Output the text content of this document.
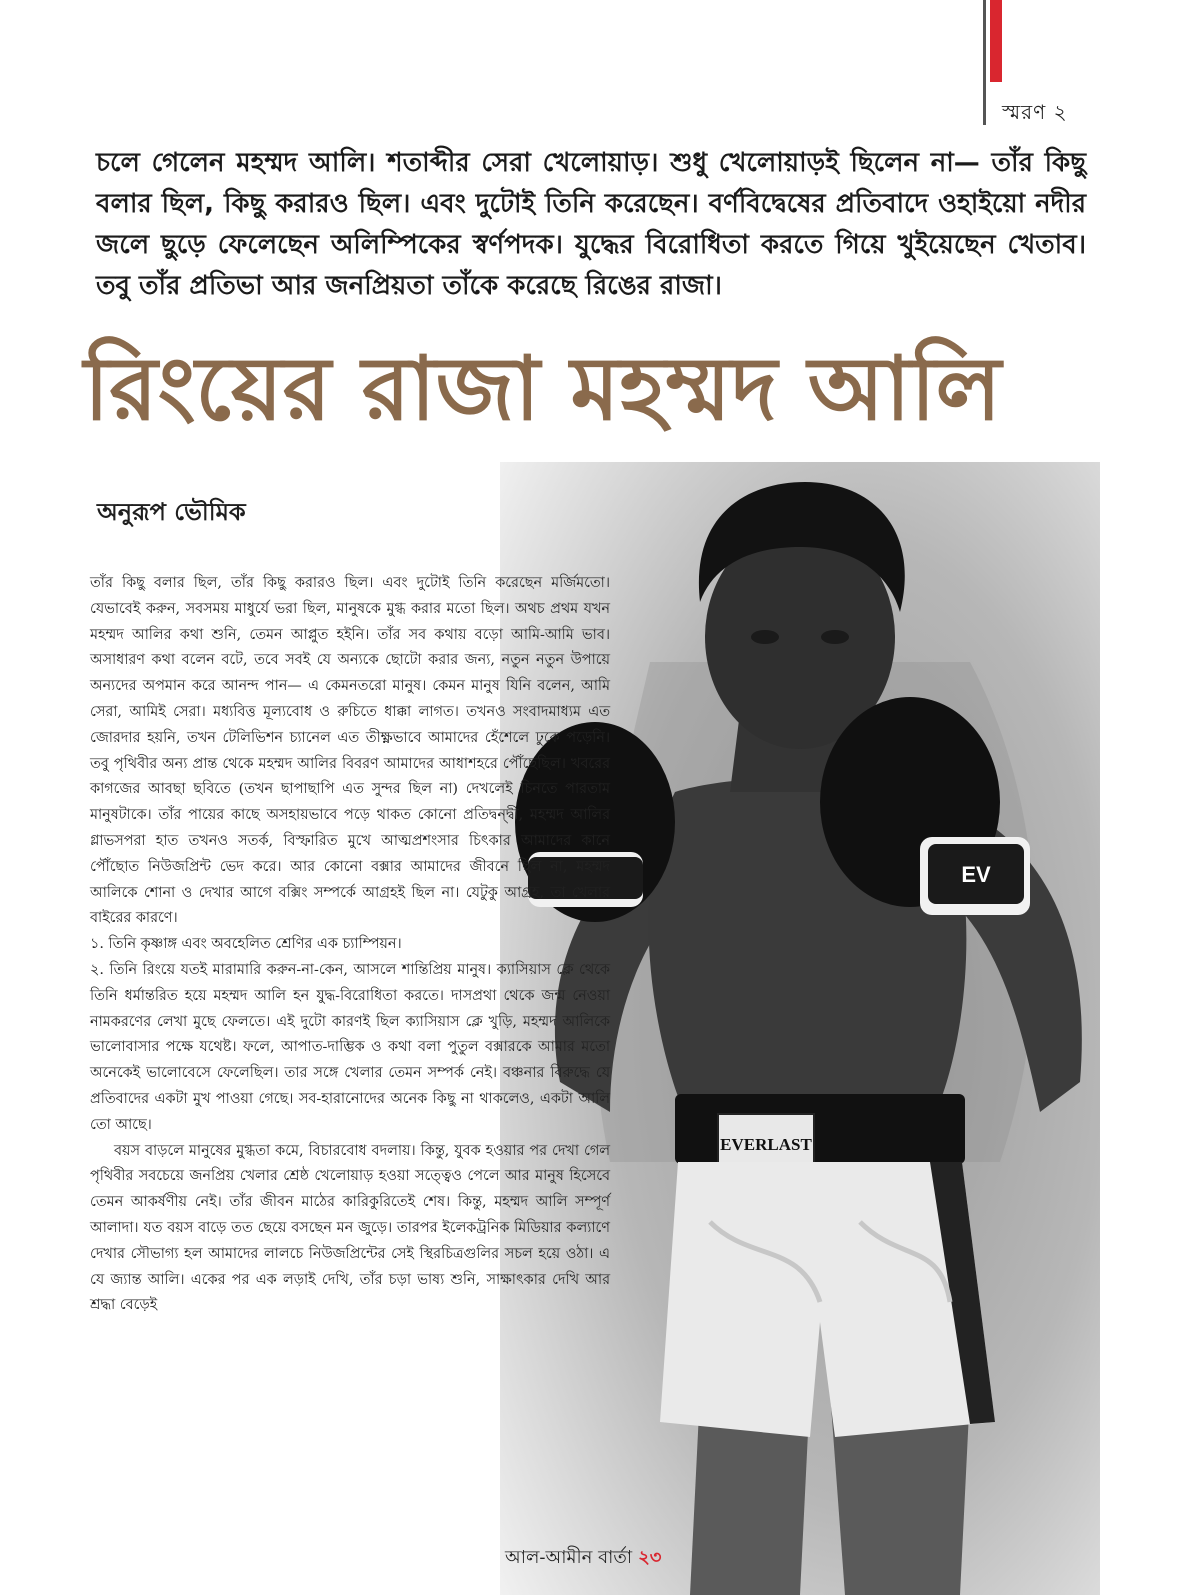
স্মরণ ২
চলে গেলেন মহম্মদ আলি। শতাব্দীর সেরা খেলোয়াড়। শুধু খেলোয়াড়ই ছিলেন না— তাঁর কিছু বলার ছিল, কিছু করারও ছিল। এবং দুটোই তিনি করেছেন। বর্ণবিদ্বেষের প্রতিবাদে ওহাইয়ো নদীর জলে ছুড়ে ফেলেছেন অলিম্পিকের স্বর্ণপদক। যুদ্ধের বিরোধিতা করতে গিয়ে খুইয়েছেন খেতাব। তবু তাঁর প্রতিভা আর জনপ্রিয়তা তাঁকে করেছে রিঙের রাজা।
রিংয়ের রাজা মহম্মদ আলি
অনুরূপ ভৌমিক
EV
EVERLAST

তাঁর কিছু বলার ছিল, তাঁর কিছু করারও ছিল। এবং দুটোই তিনি করেছেন মর্জিমতো। যেভাবেই করুন, সবসময় মাধুর্যে ভরা ছিল, মানুষকে মুগ্ধ করার মতো ছিল। অথচ প্রথম যখন মহম্মদ আলির কথা শুনি, তেমন আপ্লুত হইনি। তাঁর সব কথায় বড়ো আমি-আমি ভাব। অসাধারণ কথা বলেন বটে, তবে সবই যে অন্যকে ছোটো করার জন্য, নতুন নতুন উপায়ে অন্যদের অপমান করে আনন্দ পান— এ কেমনতরো মানুষ। কেমন মানুষ যিনি বলেন, আমি সেরা, আমিই সেরা। মধ্যবিত্ত মূল্যবোধ ও রুচিতে ধাক্কা লাগত। তখনও সংবাদমাধ্যম এত জোরদার হয়নি, তখন টেলিভিশন চ্যানেল এত তীক্ষ্ণভাবে আমাদের হেঁশেলে ঢুকে পড়েনি। তবু পৃথিবীর অন্য প্রান্ত থেকে মহম্মদ আলির বিবরণ আমাদের আধাশহরে পৌঁছেছিল। খবরের কাগজের আবছা ছবিতে (তখন ছাপাছাপি এত সুন্দর ছিল না) দেখলেই চিনতে পারতাম মানুষটাকে। তাঁর পায়ের কাছে অসহায়ভাবে পড়ে থাকত কোনো প্রতিদ্বন্দ্বী, মহম্মদ আলির গ্লাভসপরা হাত তখনও সতর্ক, বিস্ফারিত মুখে আত্মপ্রশংসার চিৎকার আমাদের কানে পৌঁছোত নিউজপ্রিন্ট ভেদ করে। আর কোনো বক্সার আমাদের জীবনে ছিল না, মহম্মদ আলিকে শোনা ও দেখার আগে বক্সিং সম্পর্কে আগ্রহই ছিল না। যেটুকু আগ্রহ, তা খেলার বাইরের কারণে।

১. তিনি কৃষ্ণাঙ্গ এবং অবহেলিত শ্রেণির এক চ্যাম্পিয়ন।

২. তিনি রিংয়ে যতই মারামারি করুন-না-কেন, আসলে শান্তিপ্রিয় মানুষ। ক্যাসিয়াস ক্লে থেকে তিনি ধর্মান্তরিত হয়ে মহম্মদ আলি হন যুদ্ধ-বিরোধিতা করতে। দাসপ্রথা থেকে জন্ম নেওয়া নামকরণের লেখা মুছে ফেলতে। এই দুটো কারণই ছিল ক্যাসিয়াস ক্লে খুড়ি, মহম্মদ আলিকে ভালোবাসার পক্ষে যথেষ্ট। ফলে, আপাত-দাম্ভিক ও কথা বলা পুতুল বক্সারকে আমার মতো অনেকেই ভালোবেসে ফেলেছিল। তার সঙ্গে খেলার তেমন সম্পর্ক নেই। বঞ্চনার বিরুদ্ধে যে প্রতিবাদের একটা মুখ পাওয়া গেছে। সব-হারানোদের অনেক কিছু না থাকলেও, একটা আলি তো আছে।

বয়স বাড়লে মানুষের মুগ্ধতা কমে, বিচারবোধ বদলায়। কিন্তু, যুবক হওয়ার পর দেখা গেল পৃথিবীর সবচেয়ে জনপ্রিয় খেলার শ্রেষ্ঠ খেলোয়াড় হওয়া সত্ত্বেও পেলে আর মানুষ হিসেবে তেমন আকর্ষণীয় নেই। তাঁর জীবন মাঠের কারিকুরিতেই শেষ। কিন্তু, মহম্মদ আলি সম্পূর্ণ আলাদা। যত বয়স বাড়ে তত ছেয়ে বসছেন মন জুড়ে। তারপর ইলেকট্রনিক মিডিয়ার কল্যাণে দেখার সৌভাগ্য হল আমাদের লালচে নিউজপ্রিন্টের সেই স্থিরচিত্রগুলির সচল হয়ে ওঠা। এ যে জ্যান্ত আলি। একের পর এক লড়াই দেখি, তাঁর চড়া ভাষ্য শুনি, সাক্ষাৎকার দেখি আর শ্রদ্ধা বেড়েই

আল-আমীন বার্তা ২৩
